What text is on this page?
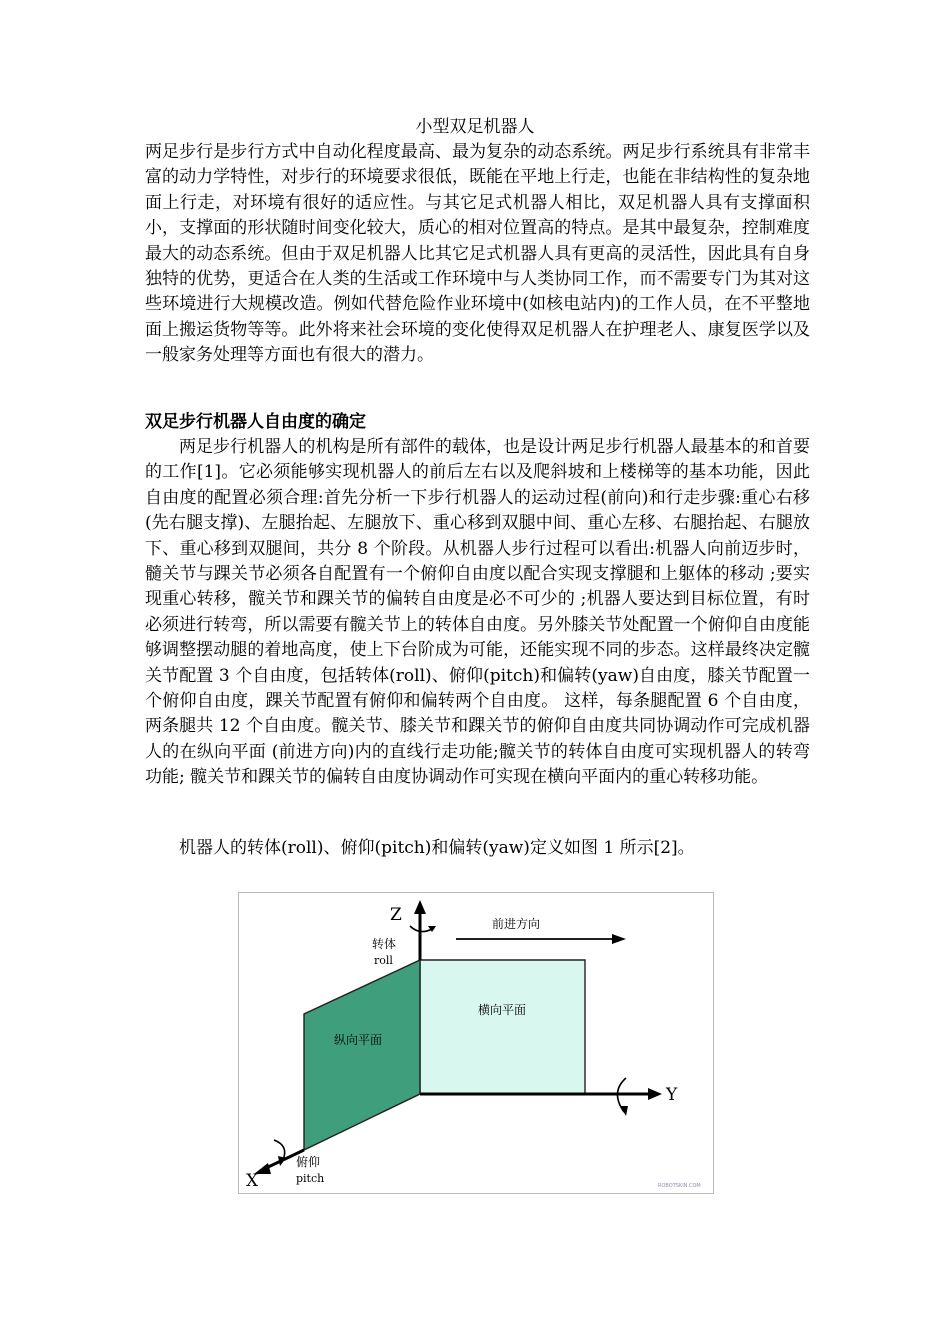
小型双足机器人
两足步行是步行方式中自动化程度最高、最为复杂的动态系统。两足步行系统具有非常丰富的动力学特性，对步行的环境要求很低，既能在平地上行走，也能在非结构性的复杂地面上行走，对环境有很好的适应性。与其它足式机器人相比，双足机器人具有支撑面积小，支撑面的形状随时间变化较大，质心的相对位置高的特点。是其中最复杂，控制难度最大的动态系统。但由于双足机器人比其它足式机器人具有更高的灵活性，因此具有自身独特的优势，更适合在人类的生活或工作环境中与人类协同工作，而不需要专门为其对这些环境进行大规模改造。例如代替危险作业环境中(如核电站内)的工作人员，在不平整地面上搬运货物等等。此外将来社会环境的变化使得双足机器人在护理老人、康复医学以及一般家务处理等方面也有很大的潜力。
双足步行机器人自由度的确定
两足步行机器人的机构是所有部件的载体，也是设计两足步行机器人最基本的和首要的工作[1]。它必须能够实现机器人的前后左右以及爬斜坡和上楼梯等的基本功能，因此自由度的配置必须合理:首先分析一下步行机器人的运动过程(前向)和行走步骤:重心右移(先右腿支撑)、左腿抬起、左腿放下、重心移到双腿中间、重心左移、右腿抬起、右腿放下、重心移到双腿间，共分 8 个阶段。从机器人步行过程可以看出:机器人向前迈步时，髓关节与踝关节必须各自配置有一个俯仰自由度以配合实现支撑腿和上躯体的移动 ;要实现重心转移，髋关节和踝关节的偏转自由度是必不可少的 ;机器人要达到目标位置，有时必须进行转弯，所以需要有髋关节上的转体自由度。另外膝关节处配置一个俯仰自由度能够调整摆动腿的着地高度，使上下台阶成为可能，还能实现不同的步态。这样最终决定髋关节配置 3 个自由度，包括转体(roll)、俯仰(pitch)和偏转(yaw)自由度，膝关节配置一个俯仰自由度，踝关节配置有俯仰和偏转两个自由度。 这样，每条腿配置 6 个自由度，两条腿共 12 个自由度。髋关节、膝关节和踝关节的俯仰自由度共同协调动作可完成机器人的在纵向平面 (前进方向)内的直线行走功能;髋关节的转体自由度可实现机器人的转弯功能; 髋关节和踝关节的偏转自由度协调动作可实现在横向平面内的重心转移功能。
机器人的转体(roll)、俯仰(pitch)和偏转(yaw)定义如图 1 所示[2]。
Z
Y
X
前进方向
转体
roll
俯仰
pitch
横向平面
纵向平面
ROBOTSKIN.COM
